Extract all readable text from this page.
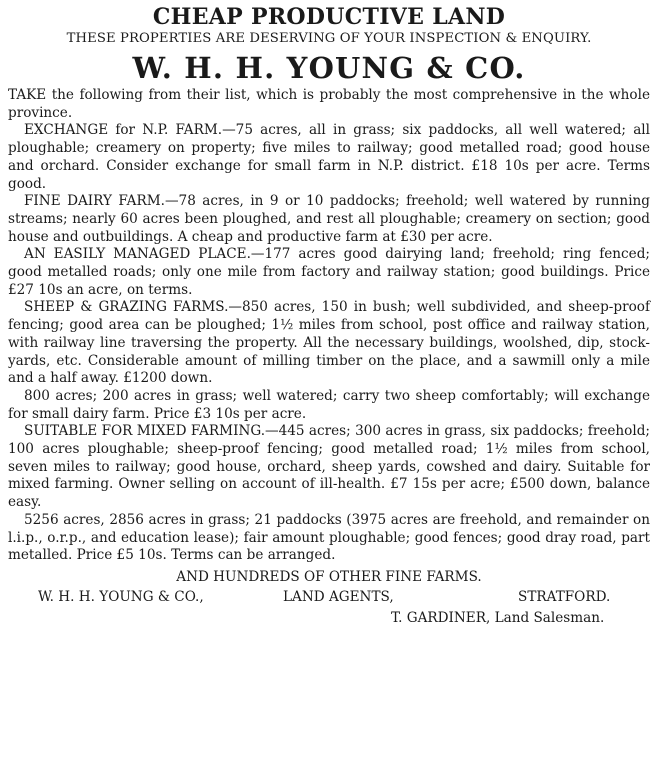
CHEAP PRODUCTIVE LAND
THESE PROPERTIES ARE DESERVING OF YOUR INSPECTION & ENQUIRY.
W. H. H. YOUNG & CO.

TAKE the following from their list, which is probably the most comprehensive in the whole province.

EXCHANGE for N.P. FARM.—75 acres, all in grass; six paddocks, all well watered; all ploughable; creamery on property; five miles to railway; good metalled road; good house and orchard. Consider exchange for small farm in N.P. district. £18 10s per acre. Terms good.

FINE DAIRY FARM.—78 acres, in 9 or 10 paddocks; freehold; well watered by running streams; nearly 60 acres been ploughed, and rest all ploughable; creamery on section; good house and outbuildings. A cheap and productive farm at £30 per acre.

AN EASILY MANAGED PLACE.—177 acres good dairying land; freehold; ring fenced; good metalled roads; only one mile from factory and railway station; good buildings. Price £27 10s an acre, on terms.

SHEEP & GRAZING FARMS.—850 acres, 150 in bush; well subdivided, and sheep-proof fencing; good area can be ploughed; 1½ miles from school, post office and railway station, with railway line traversing the property. All the necessary buildings, woolshed, dip, stock-yards, etc. Considerable amount of milling timber on the place, and a sawmill only a mile and a half away. £1200 down.

800 acres; 200 acres in grass; well watered; carry two sheep comfortably; will exchange for small dairy farm. Price £3 10s per acre.

SUITABLE FOR MIXED FARMING.—445 acres; 300 acres in grass, six paddocks; freehold; 100 acres ploughable; sheep-proof fencing; good metalled road; 1½ miles from school, seven miles to railway; good house, orchard, sheep yards, cowshed and dairy. Suitable for mixed farming. Owner selling on account of ill-health. £7 15s per acre; £500 down, balance easy.

5256 acres, 2856 acres in grass; 21 paddocks (3975 acres are freehold, and remainder on l.i.p., o.r.p., and education lease); fair amount ploughable; good fences; good dray road, part metalled. Price £5 10s. Terms can be arranged.

AND HUNDREDS OF OTHER FINE FARMS.
W. H. H. YOUNG & CO.,	LAND AGENTS,	STRATFORD.
T. GARDINER, Land Salesman.
